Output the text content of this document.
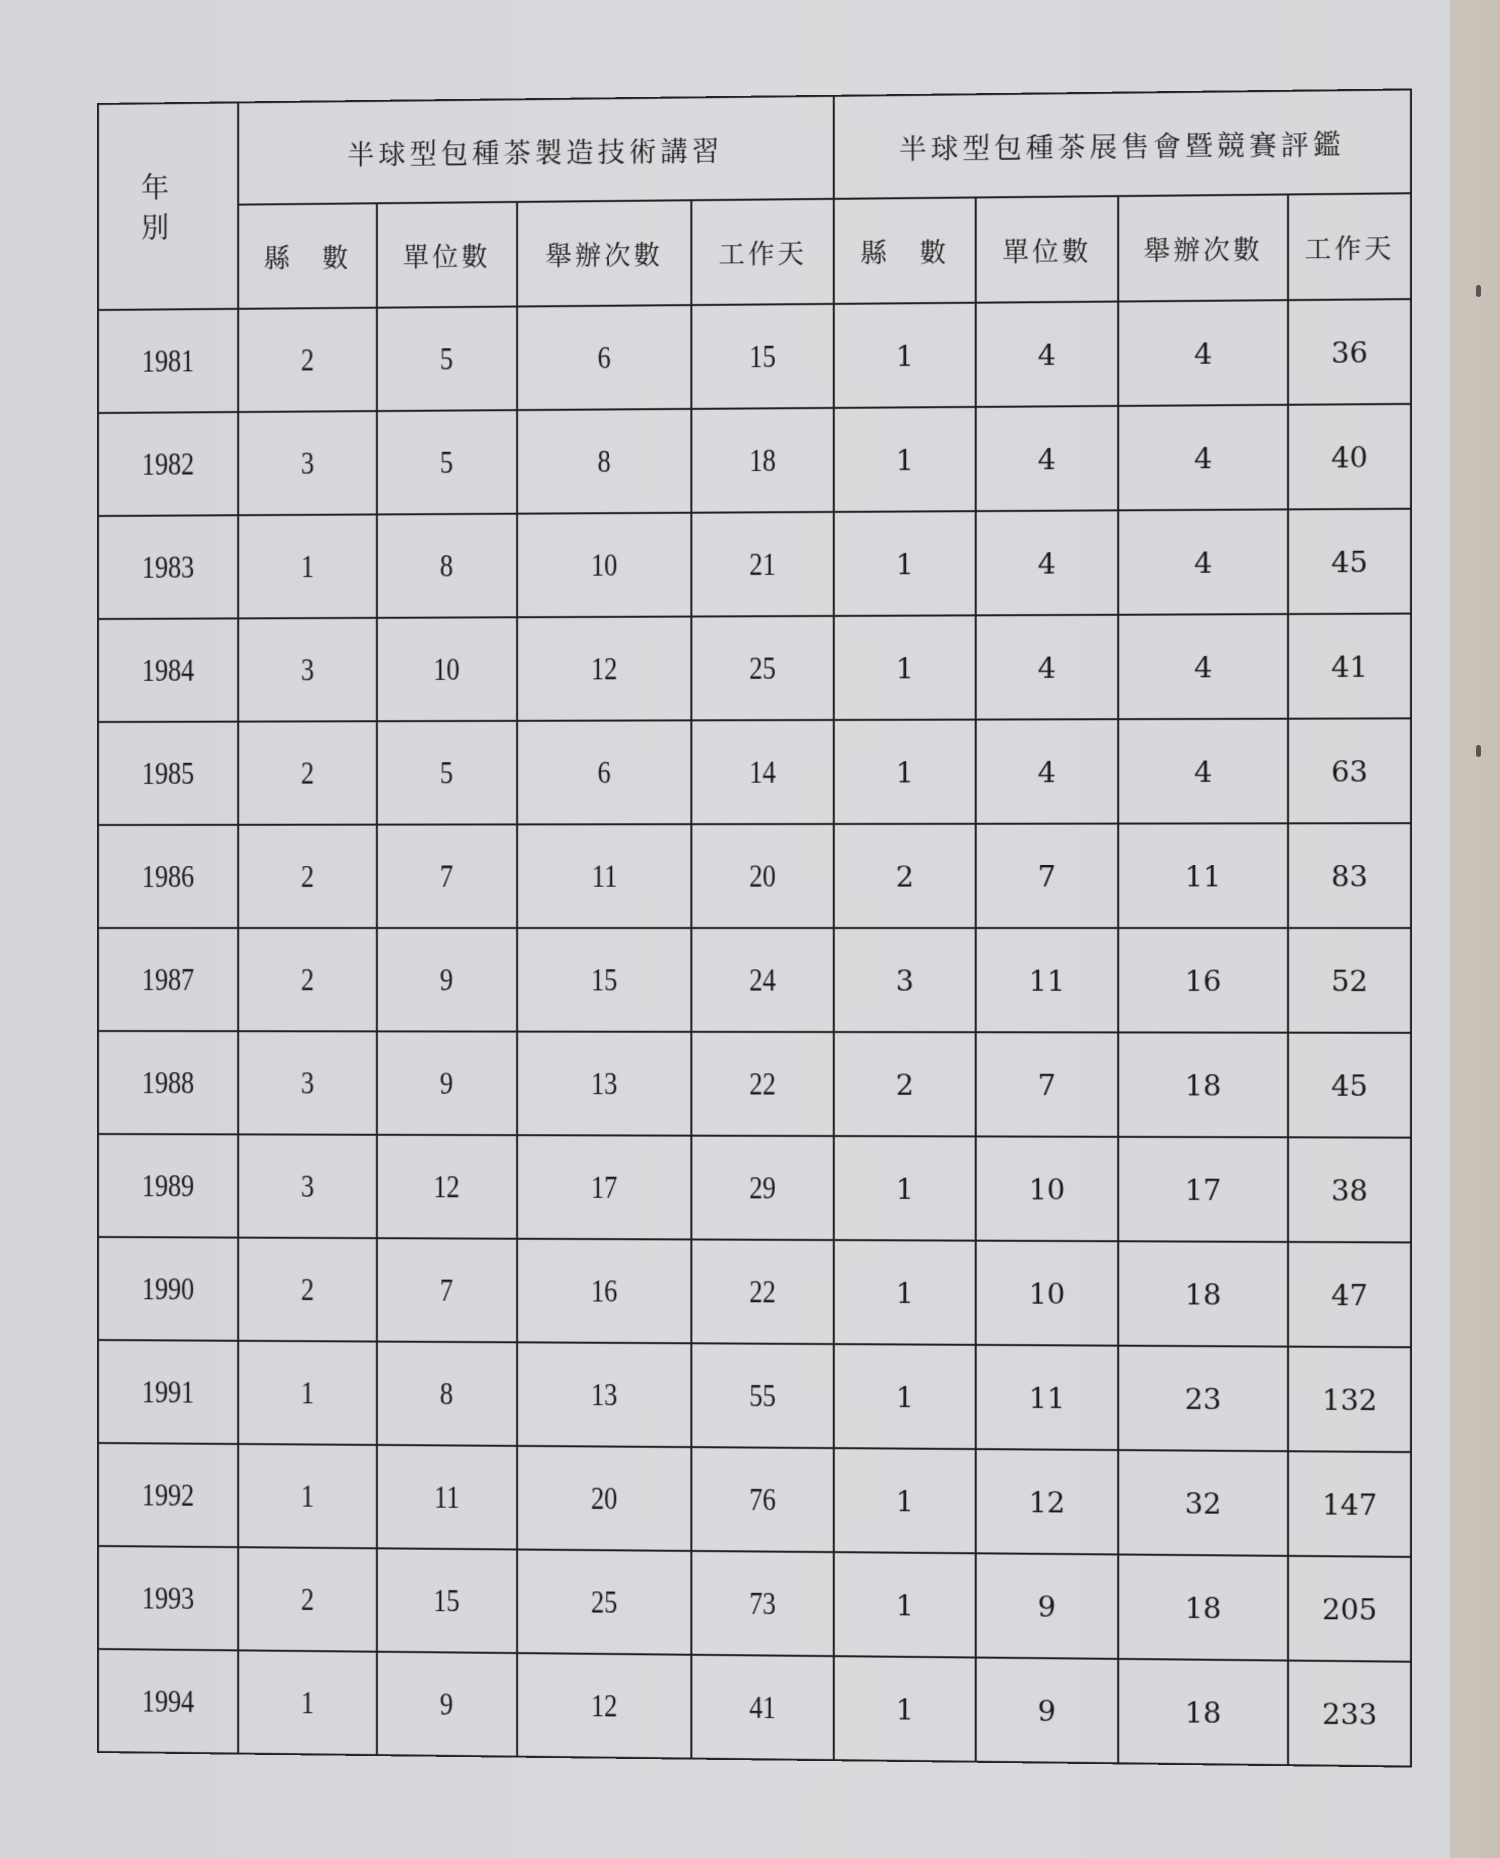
年 別	半球型包種茶製造技術講習				半球型包種茶展售會暨競賽評鑑			
	縣　數	單位數	舉辦次數	工作天	縣　數	單位數	舉辦次數	工作天
1981	2	5	6	15	1	4	4	36
1982	3	5	8	18	1	4	4	40
1983	1	8	10	21	1	4	4	45
1984	3	10	12	25	1	4	4	41
1985	2	5	6	14	1	4	4	63
1986	2	7	11	20	2	7	11	83
1987	2	9	15	24	3	11	16	52
1988	3	9	13	22	2	7	18	45
1989	3	12	17	29	1	10	17	38
1990	2	7	16	22	1	10	18	47
1991	1	8	13	55	1	11	23	132
1992	1	11	20	76	1	12	32	147
1993	2	15	25	73	1	9	18	205
1994	1	9	12	41	1	9	18	233
